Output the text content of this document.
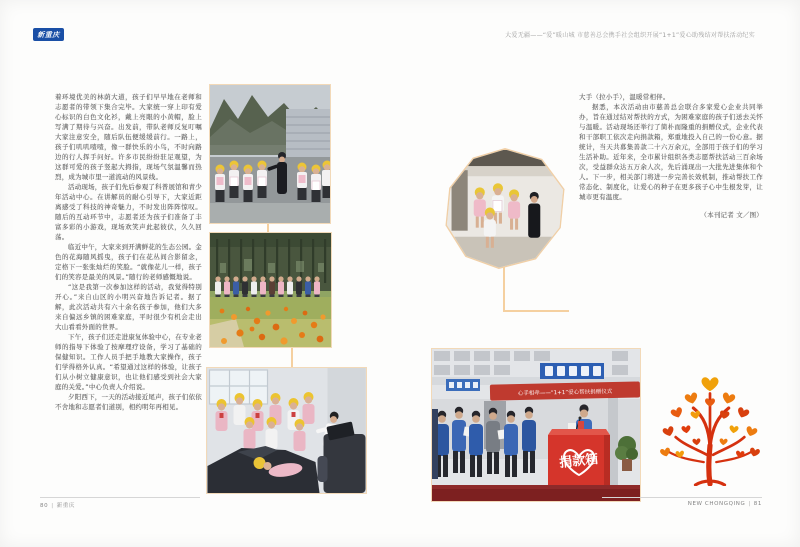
新重庆	大爱无疆——“爱”暖山城 市慈善总会携手社会组织开展“1+1”爱心助残结对帮扶活动纪实

着环境优美的林荫大道，孩子们早早地在老师和志愿者的带领下集合完毕。大家统一穿上印有爱心标识的白色文化衫，戴上亮眼的小黄帽，脸上写满了期待与兴奋。出发前，带队老师反复叮嘱大家注意安全，随后队伍便缓缓前行。一路上，孩子们叽叽喳喳，像一群快乐的小鸟，不时向路边的行人挥手问好。许多市民纷纷驻足观望，为这群可爱的孩子竖起大拇指，现场气氛温馨而热烈，成为城市里一道流动的风景线。

活动现场，孩子们先后参观了科普展馆和青少年活动中心。在讲解员的耐心引导下，大家近距离感受了科技的神奇魅力，不时发出阵阵惊叹。随后的互动环节中，志愿者还为孩子们准备了丰富多彩的小游戏，现场欢笑声此起彼伏，久久回荡。

临近中午，大家来到开满鲜花的生态公园。金色的花海随风摇曳，孩子们在花丛间合影留念，定格下一张张灿烂的笑脸。“就像花儿一样，孩子们的笑容是最美的风景。”随行的老师感慨地说。

“这是我第一次参加这样的活动，我觉得特别开心。”来自山区的小明兴奋地告诉记者。据了解，此次活动共有六十余名孩子参加，他们大多来自偏远乡镇的困难家庭，平时很少有机会走出大山看看外面的世界。

下午，孩子们还走进康复体验中心，在专业老师的指导下体验了按摩理疗设备，学习了基础的保健知识。工作人员手把手地教大家操作，孩子们学得格外认真。“希望通过这样的体验，让孩子们从小树立健康意识，也让他们感受到社会大家庭的关爱。”中心负责人介绍说。

夕阳西下，一天的活动接近尾声，孩子们依依不舍地和志愿者们道别，相约明年再相见。

大手（拉小手），温暖常相伴。

据悉，本次活动由市慈善总会联合多家爱心企业共同举办，旨在通过结对帮扶的方式，为困难家庭的孩子们送去关怀与温暖。活动现场还举行了简朴而隆重的捐赠仪式，企业代表和干部职工依次走向捐款箱，郑重地投入自己的一份心意。据统计，当天共募集善款二十六万余元，全部用于孩子们的学习生活补助。近年来，全市累计组织各类志愿帮扶活动三百余场次，受益群众达五万余人次，先后涌现出一大批先进集体和个人。下一步，相关部门将进一步完善长效机制，推动帮扶工作常态化、制度化，让爱心的种子在更多孩子心中生根发芽，让城市更有温度。

（本刊记者 文／图）

心手相牵——“1+1”爱心帮扶捐赠仪式
捐款箱
80 | 新重庆	NEW CHONGQING | 81
